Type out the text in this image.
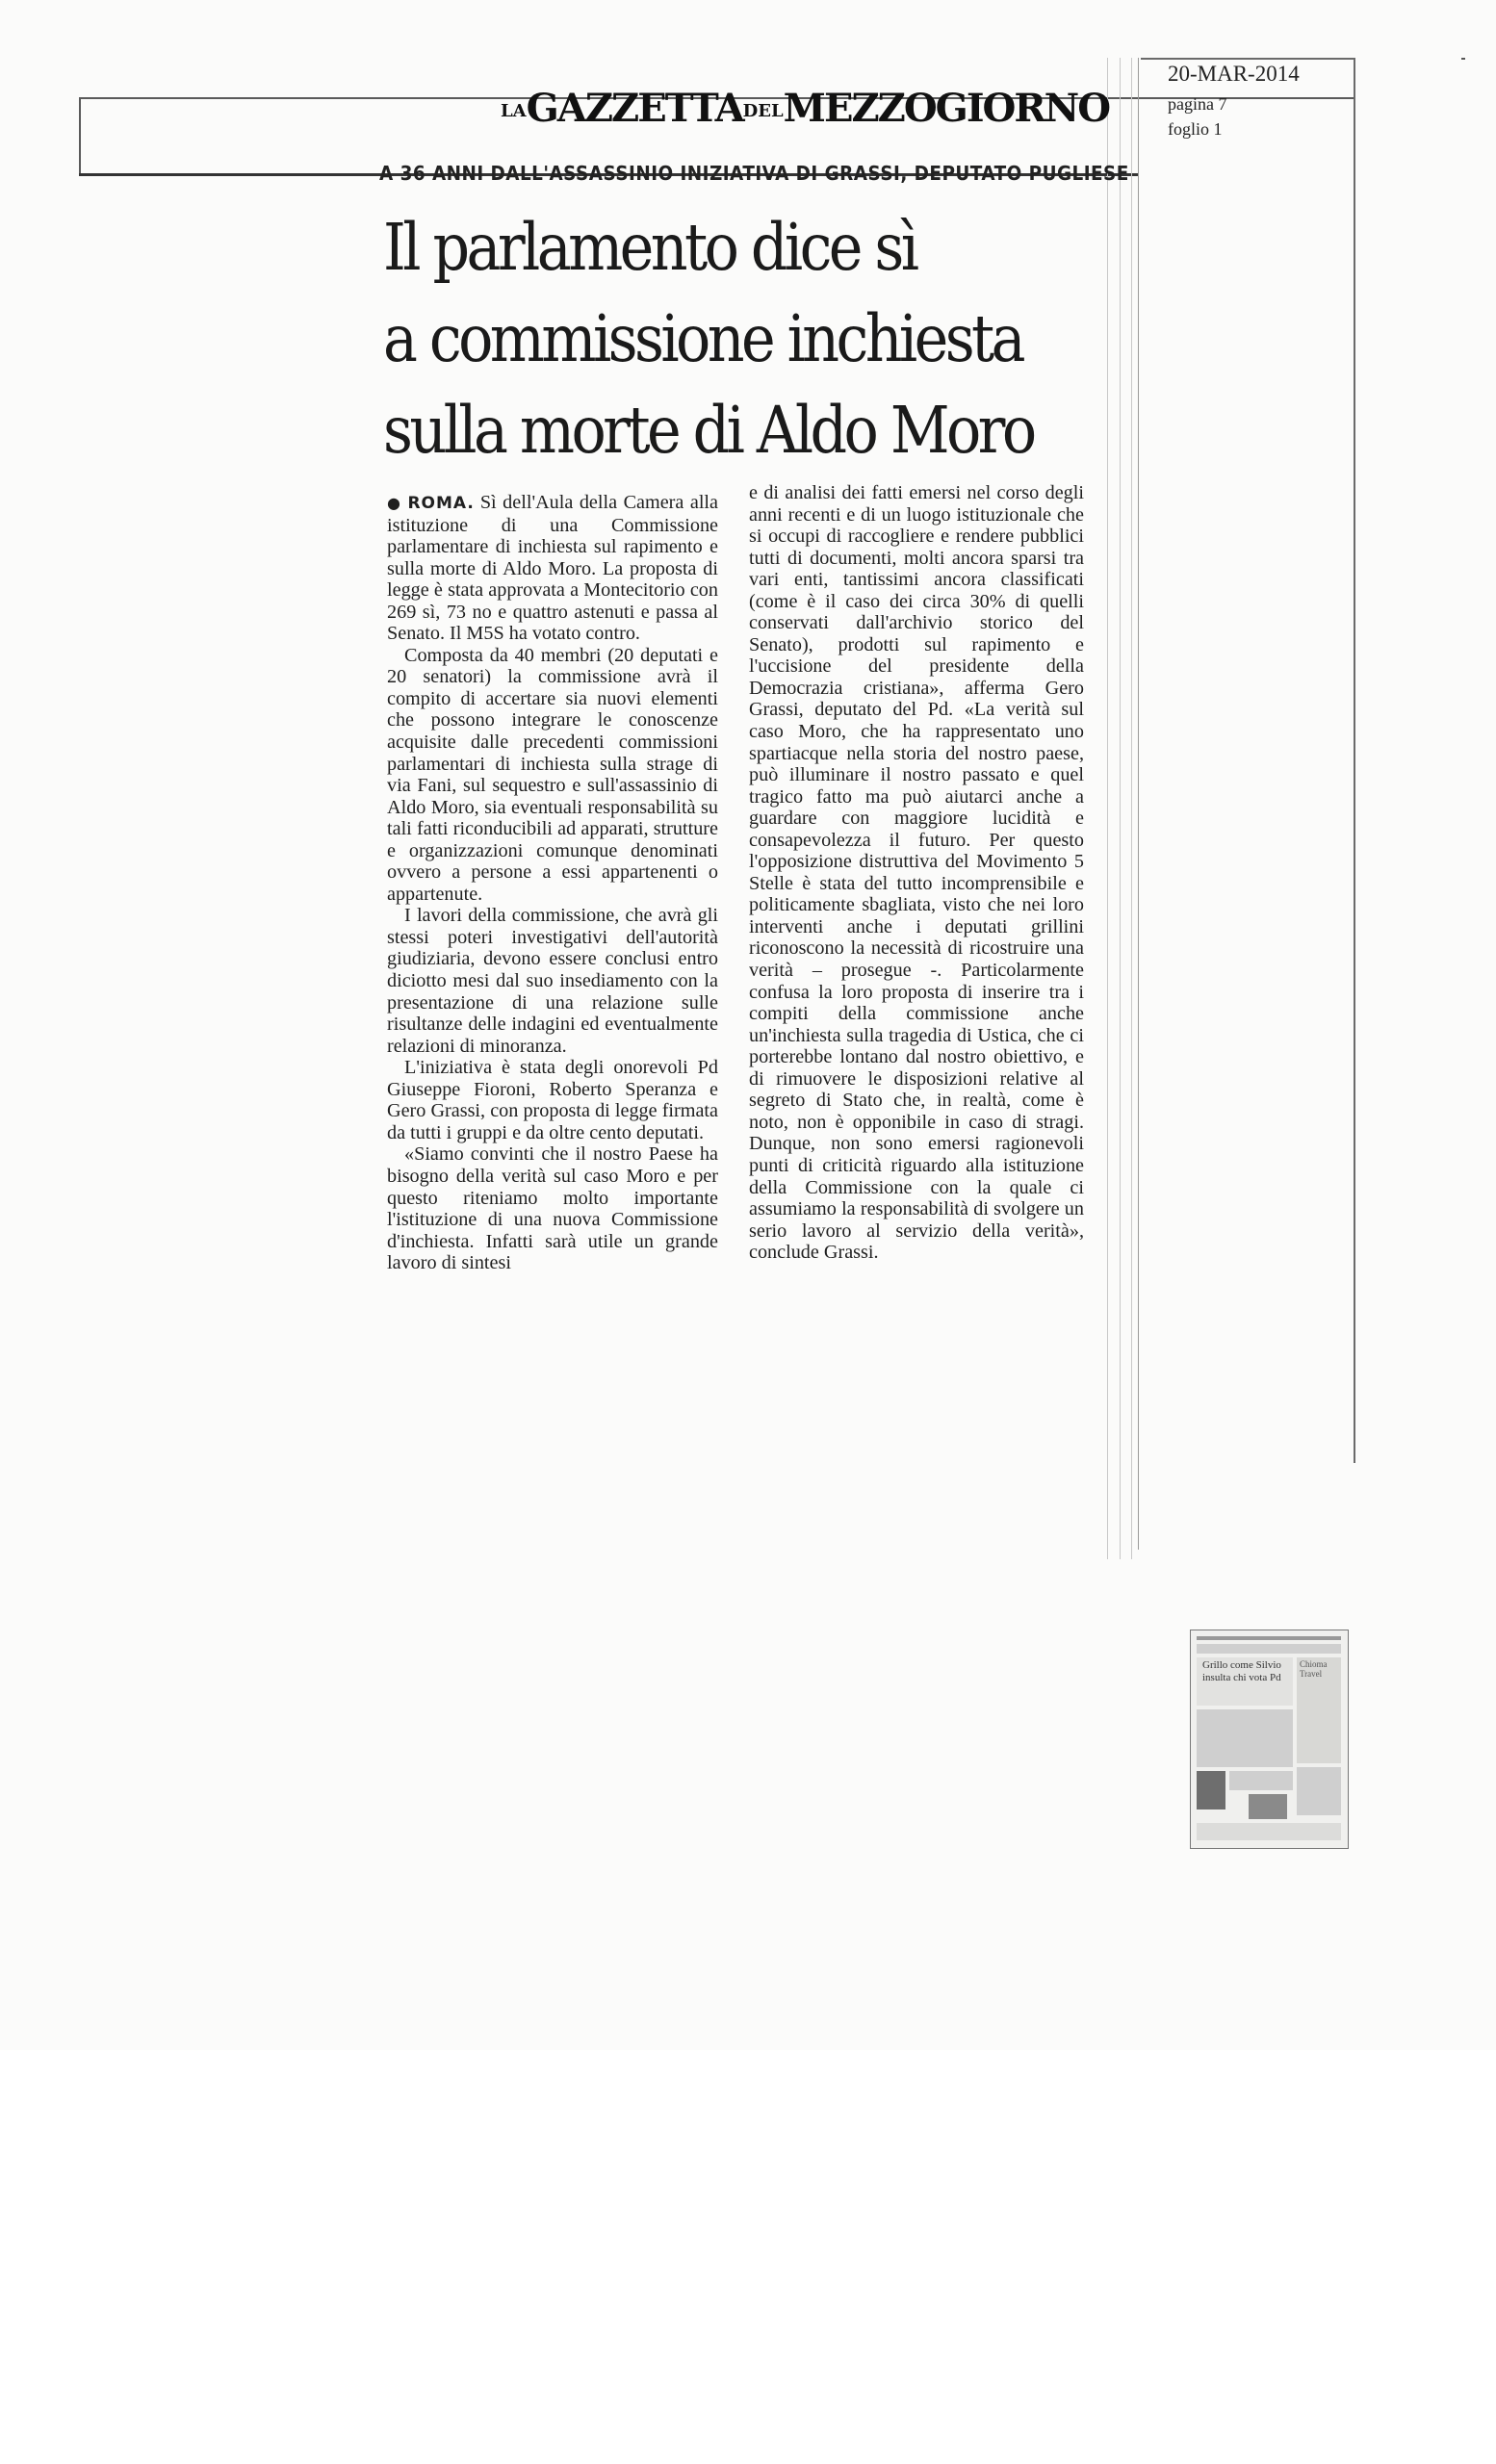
LAGAZZETTADELMEZZOGIORNO
20-MAR-2014
pagina 7
foglio 1
A 36 ANNI DALL'ASSASSINIO INIZIATIVA DI GRASSI, DEPUTATO PUGLIESE
Il parlamento dice sì
a commissione inchiesta
sulla morte di Aldo Moro

● ROMA. Sì dell'Aula della Camera alla istituzione di una Commissione parlamentare di inchiesta sul rapimento e sulla morte di Aldo Moro. La proposta di legge è stata approvata a Montecitorio con 269 sì, 73 no e quattro astenuti e passa al Senato. Il M5S ha votato contro.

Composta da 40 membri (20 deputati e 20 senatori) la commissione avrà il compito di accertare sia nuovi elementi che possono integrare le conoscenze acquisite dalle precedenti commissioni parlamentari di inchiesta sulla strage di via Fani, sul sequestro e sull'assassinio di Aldo Moro, sia eventuali responsabilità su tali fatti riconducibili ad apparati, strutture e organizzazioni comunque denominati ovvero a persone a essi appartenenti o appartenute.

I lavori della commissione, che avrà gli stessi poteri investigativi dell'autorità giudiziaria, devono essere conclusi entro diciotto mesi dal suo insediamento con la presentazione di una relazione sulle risultanze delle indagini ed eventualmente relazioni di minoranza.

L'iniziativa è stata degli onorevoli Pd Giuseppe Fioroni, Roberto Speranza e Gero Grassi, con proposta di legge firmata da tutti i gruppi e da oltre cento deputati.

«Siamo convinti che il nostro Paese ha bisogno della verità sul caso Moro e per questo riteniamo molto importante l'istituzione di una nuova Commissione d'inchiesta. Infatti sarà utile un grande lavoro di sintesi

e di analisi dei fatti emersi nel corso degli anni recenti e di un luogo istituzionale che si occupi di raccogliere e rendere pubblici tutti di documenti, molti ancora sparsi tra vari enti, tantissimi ancora classificati (come è il caso dei circa 30% di quelli conservati dall'archivio storico del Senato), prodotti sul rapimento e l'uccisione del presidente della Democrazia cristiana», afferma Gero Grassi, deputato del Pd. «La verità sul caso Moro, che ha rappresentato uno spartiacque nella storia del nostro paese, può illuminare il nostro passato e quel tragico fatto ma può aiutarci anche a guardare con maggiore lucidità e consapevolezza il futuro. Per questo l'opposizione distruttiva del Movimento 5 Stelle è stata del tutto incomprensibile e politicamente sbagliata, visto che nei loro interventi anche i deputati grillini riconoscono la necessità di ricostruire una verità – prosegue -. Particolarmente confusa la loro proposta di inserire tra i compiti della commissione anche un'inchiesta sulla tragedia di Ustica, che ci porterebbe lontano dal nostro obiettivo, e di rimuovere le disposizioni relative al segreto di Stato che, in realtà, come è noto, non è opponibile in caso di stragi. Dunque, non sono emersi ragionevoli punti di criticità riguardo alla istituzione della Commissione con la quale ci assumiamo la responsabilità di svolgere un serio lavoro al servizio della verità», conclude Grassi.

Grillo come Silvio insulta chi vota Pd
Chioma Travel
